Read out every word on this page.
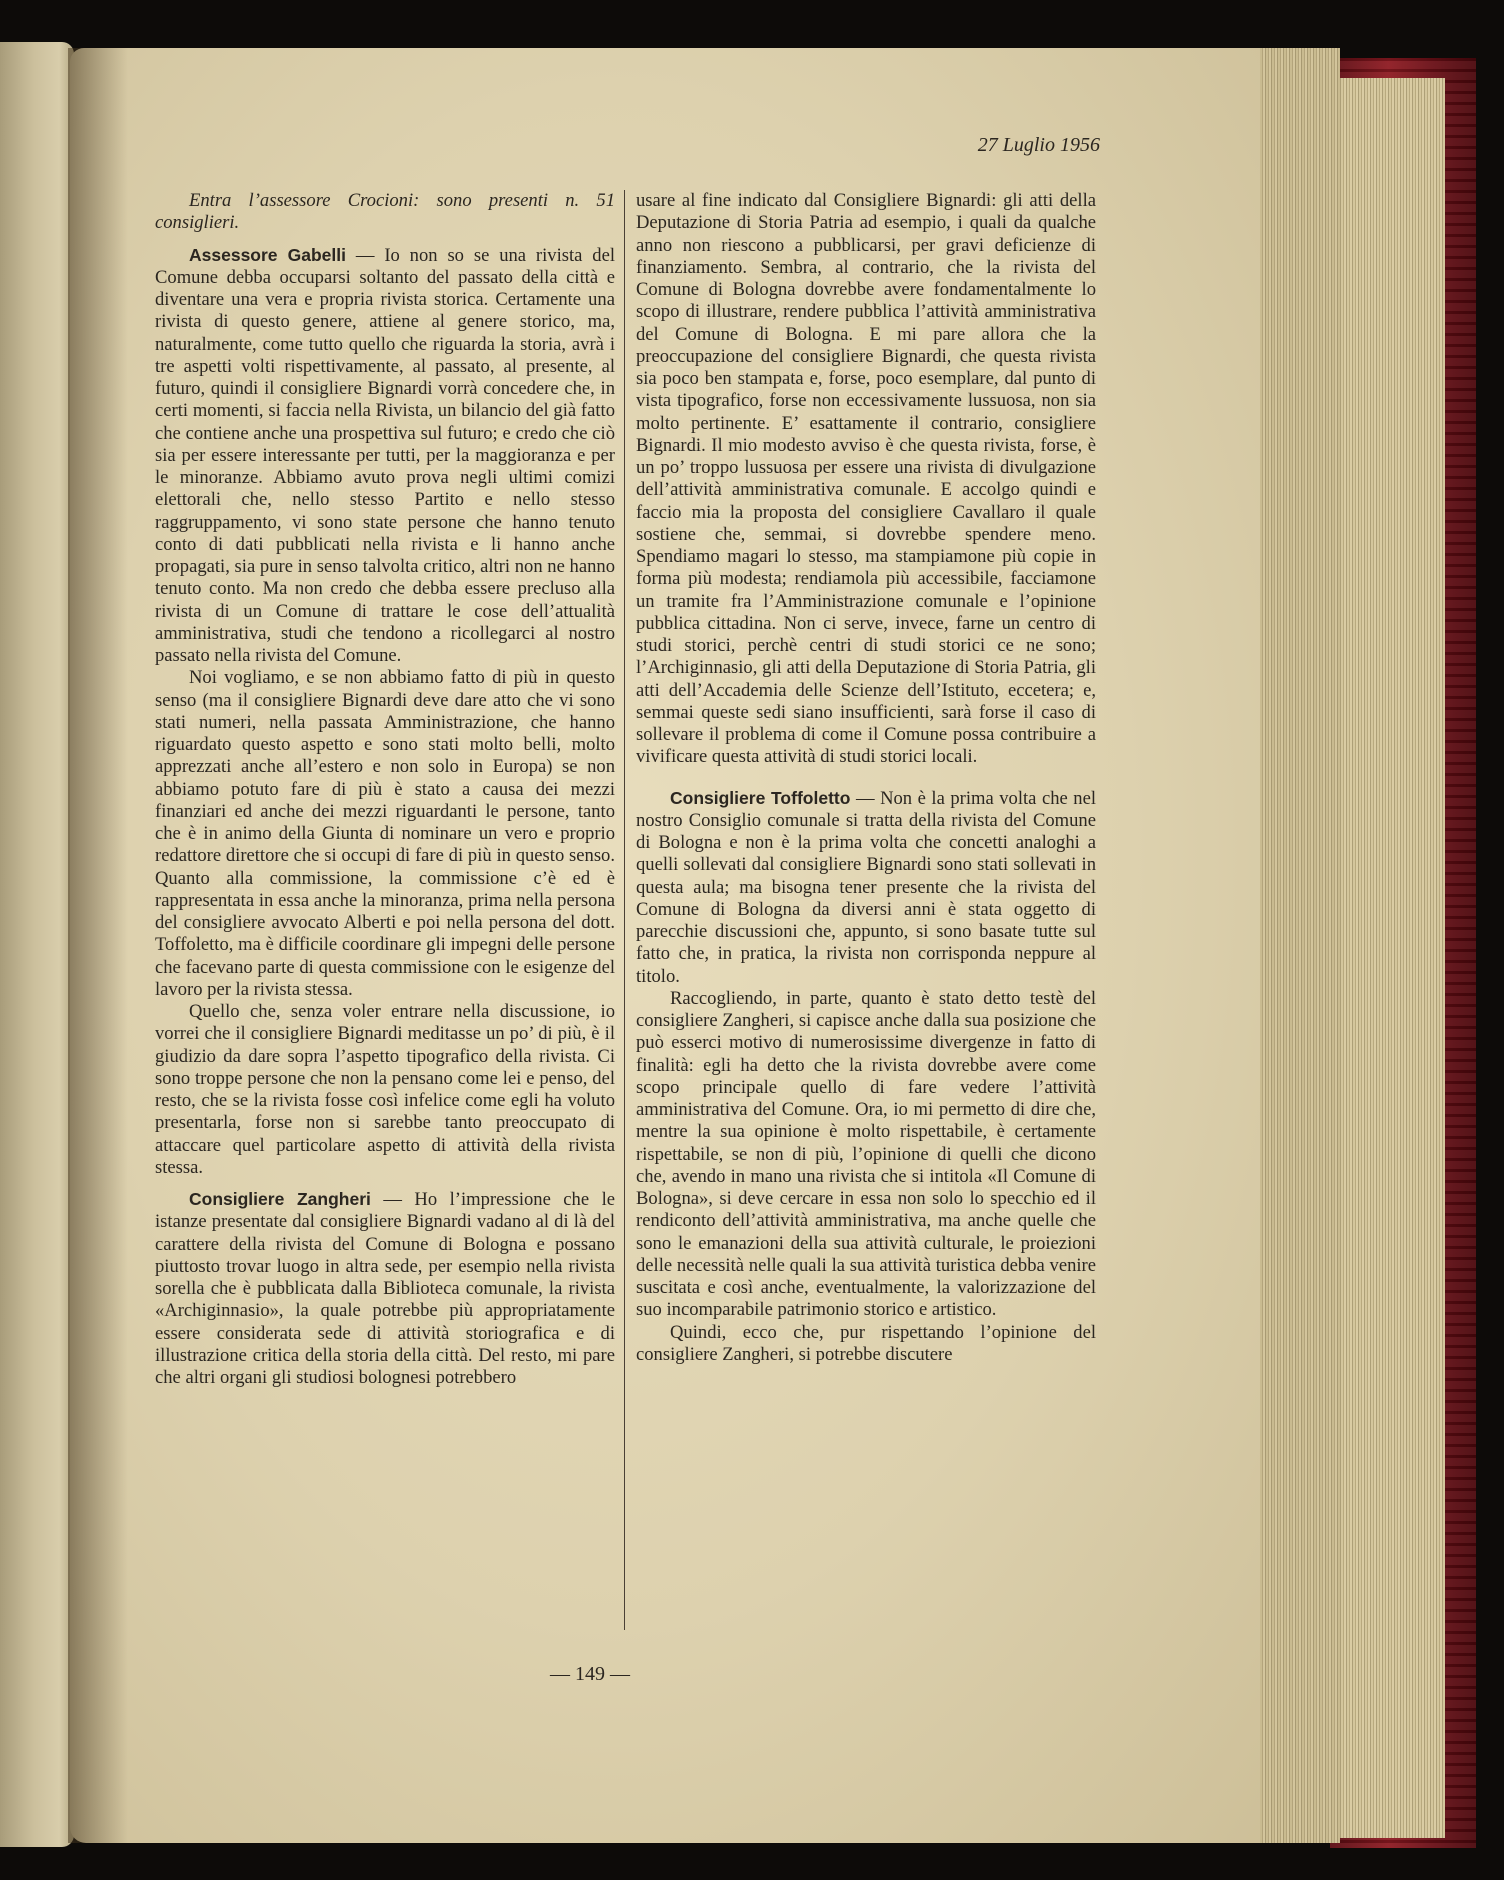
27 Luglio 1956

Entra l’assessore Crocioni: sono presenti n. 51 consiglieri.

Assessore Gabelli — Io non so se una rivista del Comune debba occuparsi soltanto del passato della città e diventare una vera e propria rivista storica. Certamente una rivista di questo genere, attiene al genere storico, ma, naturalmente, come tutto quello che riguarda la storia, avrà i tre aspetti volti rispettivamente, al passato, al presente, al futuro, quindi il consigliere Bignardi vorrà concedere che, in certi momenti, si faccia nella Rivista, un bilancio del già fatto che contiene anche una prospettiva sul futuro; e credo che ciò sia per essere interessante per tutti, per la maggioranza e per le minoranze. Abbiamo avuto prova negli ultimi comizi elettorali che, nello stesso Partito e nello stesso raggruppamento, vi sono state persone che hanno tenuto conto di dati pubblicati nella rivista e li hanno anche propagati, sia pure in senso talvolta critico, altri non ne hanno tenuto conto. Ma non credo che debba essere precluso alla rivista di un Comune di trattare le cose dell’attualità amministrativa, studi che tendono a ricollegarci al nostro passato nella rivista del Comune.

Noi vogliamo, e se non abbiamo fatto di più in questo senso (ma il consigliere Bignardi deve dare atto che vi sono stati numeri, nella passata Amministrazione, che hanno riguardato questo aspetto e sono stati molto belli, molto apprezzati anche all’estero e non solo in Europa) se non abbiamo potuto fare di più è stato a causa dei mezzi finanziari ed anche dei mezzi riguardanti le persone, tanto che è in animo della Giunta di nominare un vero e proprio redattore direttore che si occupi di fare di più in questo senso. Quanto alla commissione, la commissione c’è ed è rappresentata in essa anche la minoranza, prima nella persona del consigliere avvocato Alberti e poi nella persona del dott. Toffoletto, ma è difficile coordinare gli impegni delle persone che facevano parte di questa commissione con le esigenze del lavoro per la rivista stessa.

Quello che, senza voler entrare nella discussione, io vorrei che il consigliere Bignardi meditasse un po’ di più, è il giudizio da dare sopra l’aspetto tipografico della rivista. Ci sono troppe persone che non la pensano come lei e penso, del resto, che se la rivista fosse così infelice come egli ha voluto presentarla, forse non si sarebbe tanto preoccupato di attaccare quel particolare aspetto di attività della rivista stessa.

Consigliere Zangheri — Ho l’impressione che le istanze presentate dal consigliere Bignardi vadano al di là del carattere della rivista del Comune di Bologna e possano piuttosto trovar luogo in altra sede, per esempio nella rivista sorella che è pubblicata dalla Biblioteca comunale, la rivista «Archiginnasio», la quale potrebbe più appropriatamente essere considerata sede di attività storiografica e di illustrazione critica della storia della città. Del resto, mi pare che altri organi gli studiosi bolognesi potrebbero

usare al fine indicato dal Consigliere Bignardi: gli atti della Deputazione di Storia Patria ad esempio, i quali da qualche anno non riescono a pubblicarsi, per gravi deficienze di finanziamento. Sembra, al contrario, che la rivista del Comune di Bologna dovrebbe avere fondamentalmente lo scopo di illustrare, rendere pubblica l’attività amministrativa del Comune di Bologna. E mi pare allora che la preoccupazione del consigliere Bignardi, che questa rivista sia poco ben stampata e, forse, poco esemplare, dal punto di vista tipografico, forse non eccessivamente lussuosa, non sia molto pertinente. E’ esattamente il contrario, consigliere Bignardi. Il mio modesto avviso è che questa rivista, forse, è un po’ troppo lussuosa per essere una rivista di divulgazione dell’attività amministrativa comunale. E accolgo quindi e faccio mia la proposta del consigliere Cavallaro il quale sostiene che, semmai, si dovrebbe spendere meno. Spendiamo magari lo stesso, ma stampiamone più copie in forma più modesta; rendiamola più accessibile, facciamone un tramite fra l’Amministrazione comunale e l’opinione pubblica cittadina. Non ci serve, invece, farne un centro di studi storici, perchè centri di studi storici ce ne sono; l’Archiginnasio, gli atti della Deputazione di Storia Patria, gli atti dell’Accademia delle Scienze dell’Istituto, eccetera; e, semmai queste sedi siano insufficienti, sarà forse il caso di sollevare il problema di come il Comune possa contribuire a vivificare questa attività di studi storici locali.

Consigliere Toffoletto — Non è la prima volta che nel nostro Consiglio comunale si tratta della rivista del Comune di Bologna e non è la prima volta che concetti analoghi a quelli sollevati dal consigliere Bignardi sono stati sollevati in questa aula; ma bisogna tener presente che la rivista del Comune di Bologna da diversi anni è stata oggetto di parecchie discussioni che, appunto, si sono basate tutte sul fatto che, in pratica, la rivista non corrisponda neppure al titolo.

Raccogliendo, in parte, quanto è stato detto testè del consigliere Zangheri, si capisce anche dalla sua posizione che può esserci motivo di numerosissime divergenze in fatto di finalità: egli ha detto che la rivista dovrebbe avere come scopo principale quello di fare vedere l’attività amministrativa del Comune. Ora, io mi permetto di dire che, mentre la sua opinione è molto rispettabile, è certamente rispettabile, se non di più, l’opinione di quelli che dicono che, avendo in mano una rivista che si intitola «Il Comune di Bologna», si deve cercare in essa non solo lo specchio ed il rendiconto dell’attività amministrativa, ma anche quelle che sono le emanazioni della sua attività culturale, le proiezioni delle necessità nelle quali la sua attività turistica debba venire suscitata e così anche, eventualmente, la valorizzazione del suo incomparabile patrimonio storico e artistico.

Quindi, ecco che, pur rispettando l’opinione del consigliere Zangheri, si potrebbe discutere

— 149 —
